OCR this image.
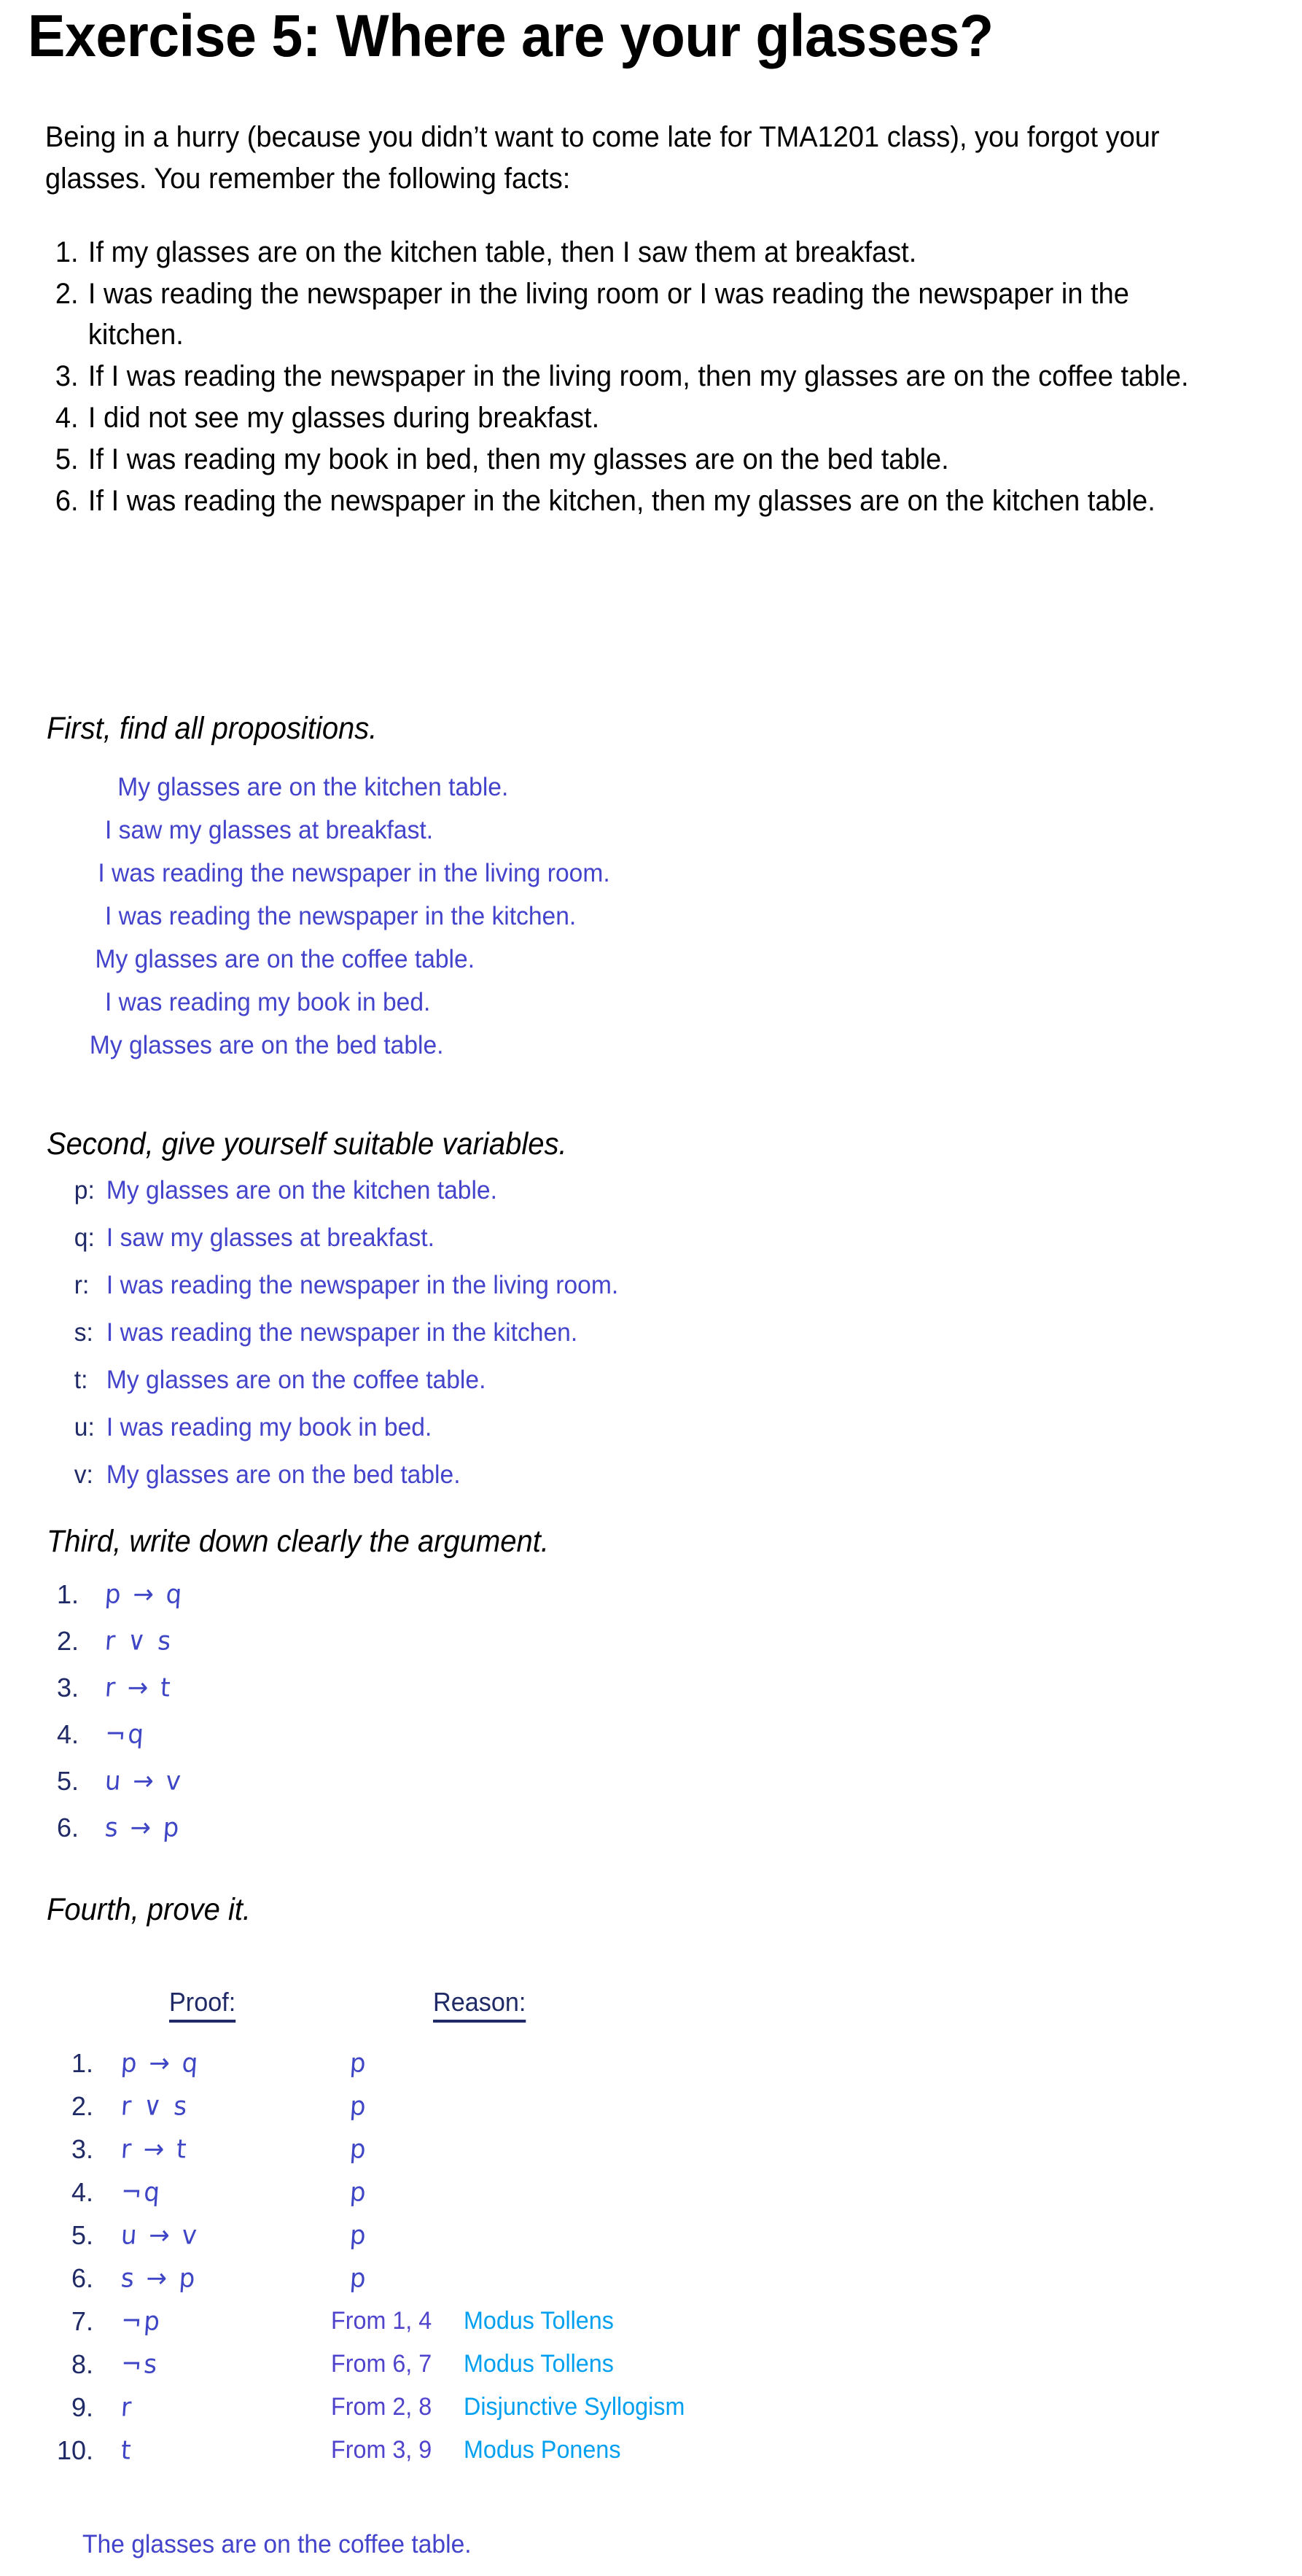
Exercise 5: Where are your glasses?
Being in a hurry (because you didn’t want to come late for TMA1201 class), you forgot your glasses. You remember the following facts:
1. If my glasses are on the kitchen table, then I saw them at breakfast.
2. I was reading the newspaper in the living room or I was reading the newspaper in the kitchen.
3. If I was reading the newspaper in the living room, then my glasses are on the coffee table.
4. I did not see my glasses during breakfast.
5. If I was reading my book in bed, then my glasses are on the bed table.
6. If I was reading the newspaper in the kitchen, then my glasses are on the kitchen table.
First, find all propositions.
Second, give yourself suitable variables.
Third, write down clearly the argument.
Fourth, prove it.
My glasses are on the kitchen table.
I saw my glasses at breakfast.
I was reading the newspaper in the living room.
I was reading the newspaper in the kitchen.
My glasses are on the coffee table.
I was reading my book in bed.
My glasses are on the bed table.
p: My glasses are on the kitchen table.
q: I saw my glasses at breakfast.
r: I was reading the newspaper in the living room.
s: I was reading the newspaper in the kitchen.
t: My glasses are on the coffee table.
u: I was reading my book in bed.
v: My glasses are on the bed table.
1.	p → q
2.	r ∨ s
3.	r → t
4.	¬q
5.	u → v
6.	s → p
Proof:	Reason:
1.	p → q	p
2.	r ∨ s	p
3.	r → t	p
4.	¬q	p
5.	u → v	p
6.	s → p	p
7.	¬p	From 1, 4	Modus Tollens
8.	¬s	From 6, 7	Modus Tollens
9.	r	From 2, 8	Disjunctive Syllogism
10.	t	From 3, 9	Modus Ponens
The glasses are on the coffee table.
